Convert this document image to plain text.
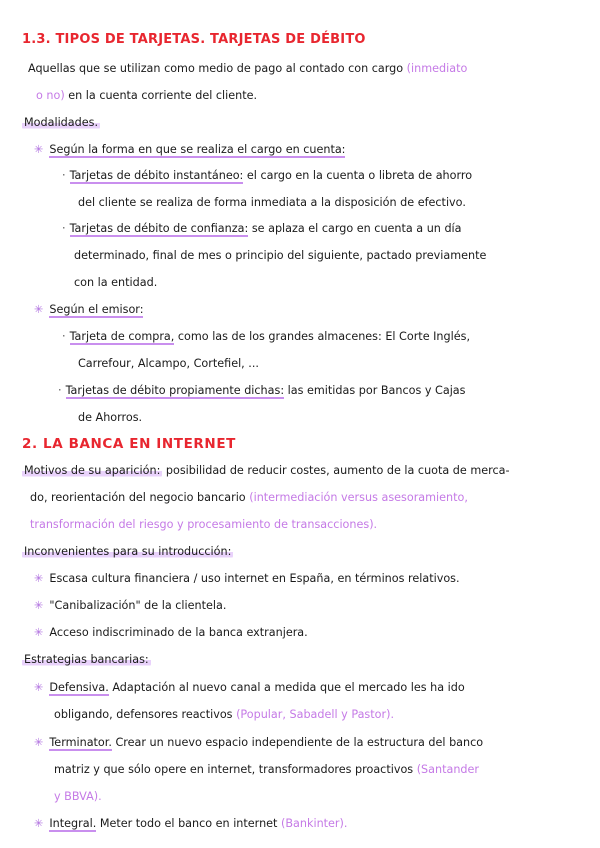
1.3. TIPOS DE TARJETAS. TARJETAS DE DÉBITO
Aquellas que se utilizan como medio de pago al contado con cargo (inmediato
o no) en la cuenta corriente del cliente.
Modalidades.
✳ Según la forma en que se realiza el cargo en cuenta:
· Tarjetas de débito instantáneo: el cargo en la cuenta o libreta de ahorro
del cliente se realiza de forma inmediata a la disposición de efectivo.
· Tarjetas de débito de confianza: se aplaza el cargo en cuenta a un día
determinado, final de mes o principio del siguiente, pactado previamente
con la entidad.
✳ Según el emisor:
· Tarjeta de compra, como las de los grandes almacenes: El Corte Inglés,
Carrefour, Alcampo, Cortefiel, ...
· Tarjetas de débito propiamente dichas: las emitidas por Bancos y Cajas
de Ahorros.
2. LA BANCA EN INTERNET
Motivos de su aparición: posibilidad de reducir costes, aumento de la cuota de merca-
do, reorientación del negocio bancario (intermediación versus asesoramiento,
transformación del riesgo y procesamiento de transacciones).
Inconvenientes para su introducción:
✳ Escasa cultura financiera / uso internet en España, en términos relativos.
✳ "Canibalización" de la clientela.
✳ Acceso indiscriminado de la banca extranjera.
Estrategias bancarias:
✳ Defensiva. Adaptación al nuevo canal a medida que el mercado les ha ido
obligando, defensores reactivos (Popular, Sabadell y Pastor).
✳ Terminator. Crear un nuevo espacio independiente de la estructura del banco
matriz y que sólo opere en internet, transformadores proactivos (Santander
y BBVA).
✳ Integral. Meter todo el banco en internet (Bankinter).
